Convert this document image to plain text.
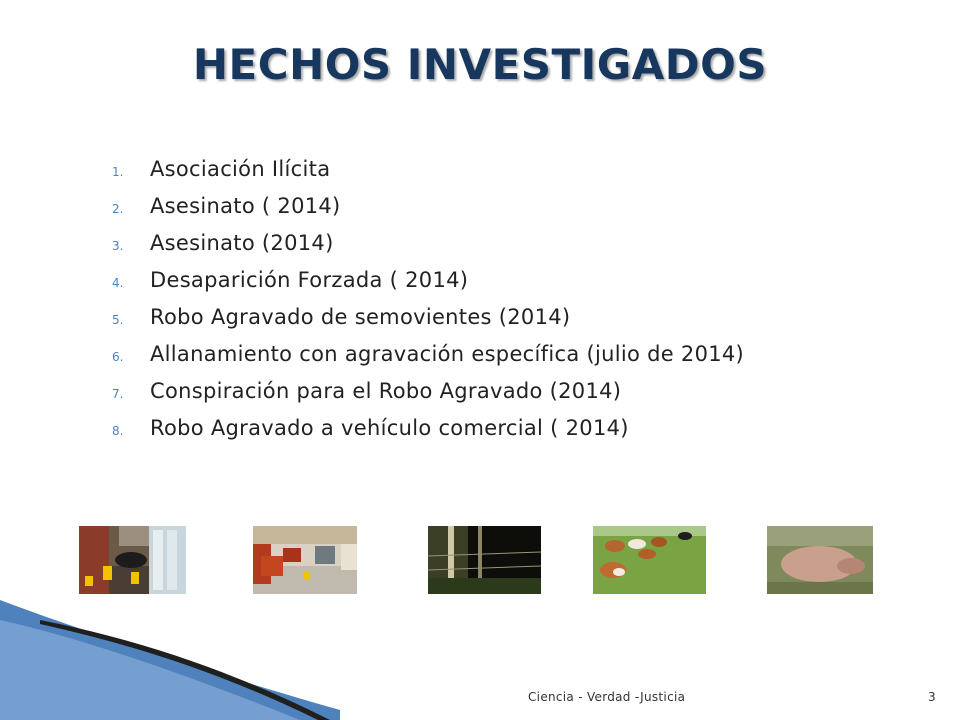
HECHOS INVESTIGADOS
1.	Asociación Ilícita
2.	Asesinato ( 2014)
3.	Asesinato (2014)
4.	Desaparición Forzada ( 2014)
5.	Robo Agravado de semovientes (2014)
6.	Allanamiento con agravación específica (julio de 2014)
7.	Conspiración para el Robo Agravado (2014)
8.	Robo Agravado a vehículo comercial ( 2014)
Ciencia - Verdad -Justicia	3
